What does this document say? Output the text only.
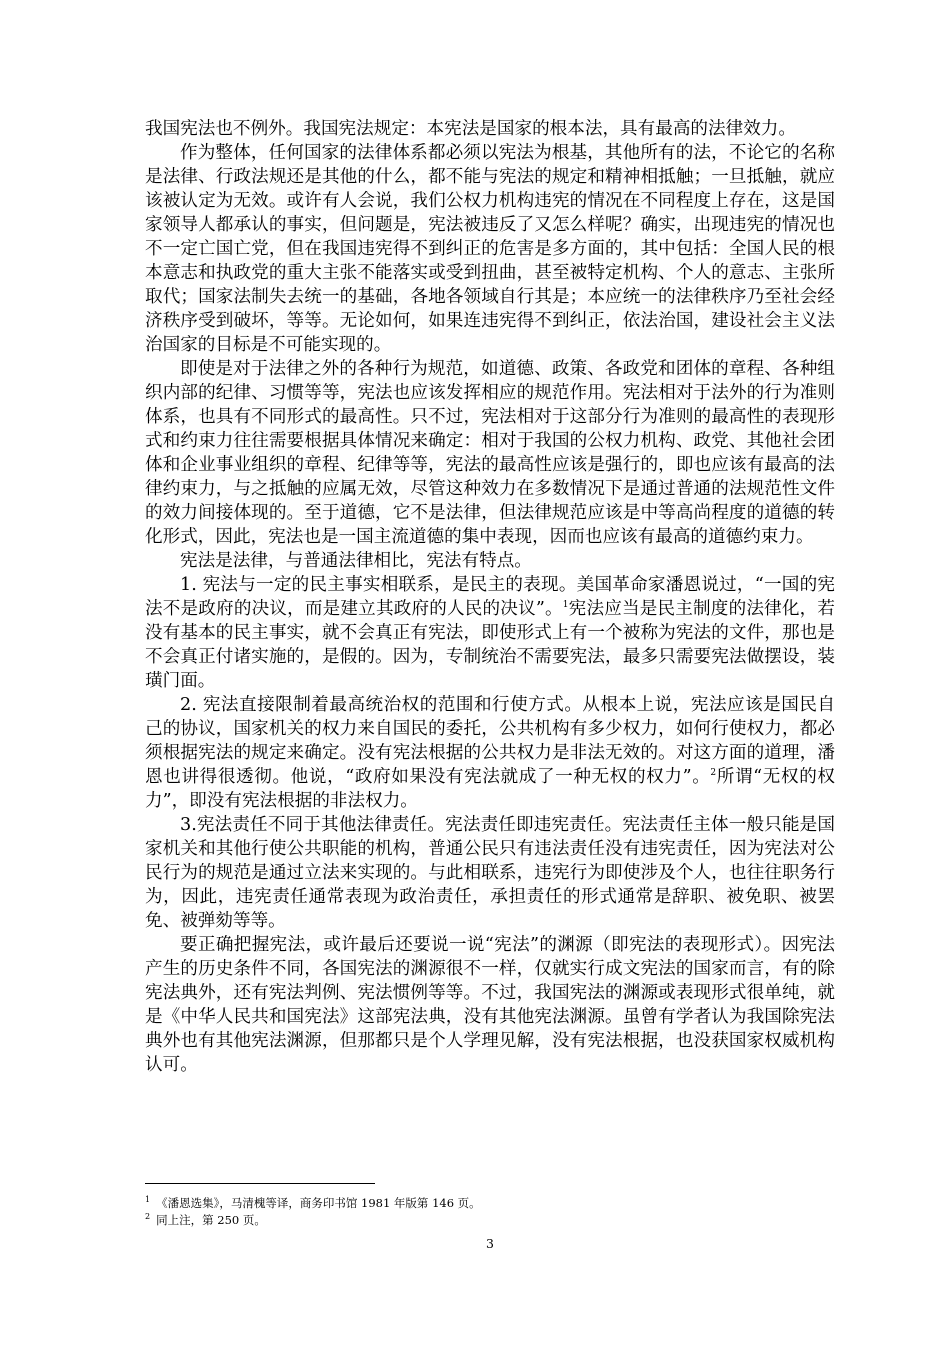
我国宪法也不例外。我国宪法规定：本宪法是国家的根本法，具有最高的法律效力。

作为整体，任何国家的法律体系都必须以宪法为根基，其他所有的法，不论它的名称是法律、行政法规还是其他的什么，都不能与宪法的规定和精神相抵触；一旦抵触，就应该被认定为无效。或许有人会说，我们公权力机构违宪的情况在不同程度上存在，这是国家领导人都承认的事实，但问题是，宪法被违反了又怎么样呢？确实，出现违宪的情况也不一定亡国亡党，但在我国违宪得不到纠正的危害是多方面的，其中包括：全国人民的根本意志和执政党的重大主张不能落实或受到扭曲，甚至被特定机构、个人的意志、主张所取代；国家法制失去统一的基础，各地各领域自行其是；本应统一的法律秩序乃至社会经济秩序受到破坏，等等。无论如何，如果连违宪得不到纠正，依法治国，建设社会主义法治国家的目标是不可能实现的。

即使是对于法律之外的各种行为规范，如道德、政策、各政党和团体的章程、各种组织内部的纪律、习惯等等，宪法也应该发挥相应的规范作用。宪法相对于法外的行为准则体系，也具有不同形式的最高性。只不过，宪法相对于这部分行为准则的最高性的表现形式和约束力往往需要根据具体情况来确定：相对于我国的公权力机构、政党、其他社会团体和企业事业组织的章程、纪律等等，宪法的最高性应该是强行的，即也应该有最高的法律约束力，与之抵触的应属无效，尽管这种效力在多数情况下是通过普通的法规范性文件的效力间接体现的。至于道德，它不是法律，但法律规范应该是中等高尚程度的道德的转化形式，因此，宪法也是一国主流道德的集中表现，因而也应该有最高的道德约束力。

宪法是法律，与普通法律相比，宪法有特点。

1. 宪法与一定的民主事实相联系，是民主的表现。美国革命家潘恩说过，“一国的宪法不是政府的决议，而是建立其政府的人民的决议”。$^1$宪法应当是民主制度的法律化，若没有基本的民主事实，就不会真正有宪法，即使形式上有一个被称为宪法的文件，那也是不会真正付诸实施的，是假的。因为，专制统治不需要宪法，最多只需要宪法做摆设，装璜门面。

2. 宪法直接限制着最高统治权的范围和行使方式。从根本上说，宪法应该是国民自己的协议，国家机关的权力来自国民的委托，公共机构有多少权力，如何行使权力，都必须根据宪法的规定来确定。没有宪法根据的公共权力是非法无效的。对这方面的道理，潘恩也讲得很透彻。他说，“政府如果没有宪法就成了一种无权的权力”。$^2$所谓“无权的权力”，即没有宪法根据的非法权力。

3.宪法责任不同于其他法律责任。宪法责任即违宪责任。宪法责任主体一般只能是国家机关和其他行使公共职能的机构，普通公民只有违法责任没有违宪责任，因为宪法对公民行为的规范是通过立法来实现的。与此相联系，违宪行为即使涉及个人，也往往职务行为，因此，违宪责任通常表现为政治责任，承担责任的形式通常是辞职、被免职、被罢免、被弹劾等等。

要正确把握宪法，或许最后还要说一说“宪法”的渊源（即宪法的表现形式）。因宪法产生的历史条件不同，各国宪法的渊源很不一样，仅就实行成文宪法的国家而言，有的除宪法典外，还有宪法判例、宪法惯例等等。不过，我国宪法的渊源或表现形式很单纯，就是《中华人民共和国宪法》这部宪法典，没有其他宪法渊源。虽曾有学者认为我国除宪法典外也有其他宪法渊源，但那都只是个人学理见解，没有宪法根据，也没获国家权威机构认可。

$^1$ 《潘恩选集》，马清槐等译，商务印书馆 1981 年版第 146 页。

$^2$ 同上注，第 250 页。

3
